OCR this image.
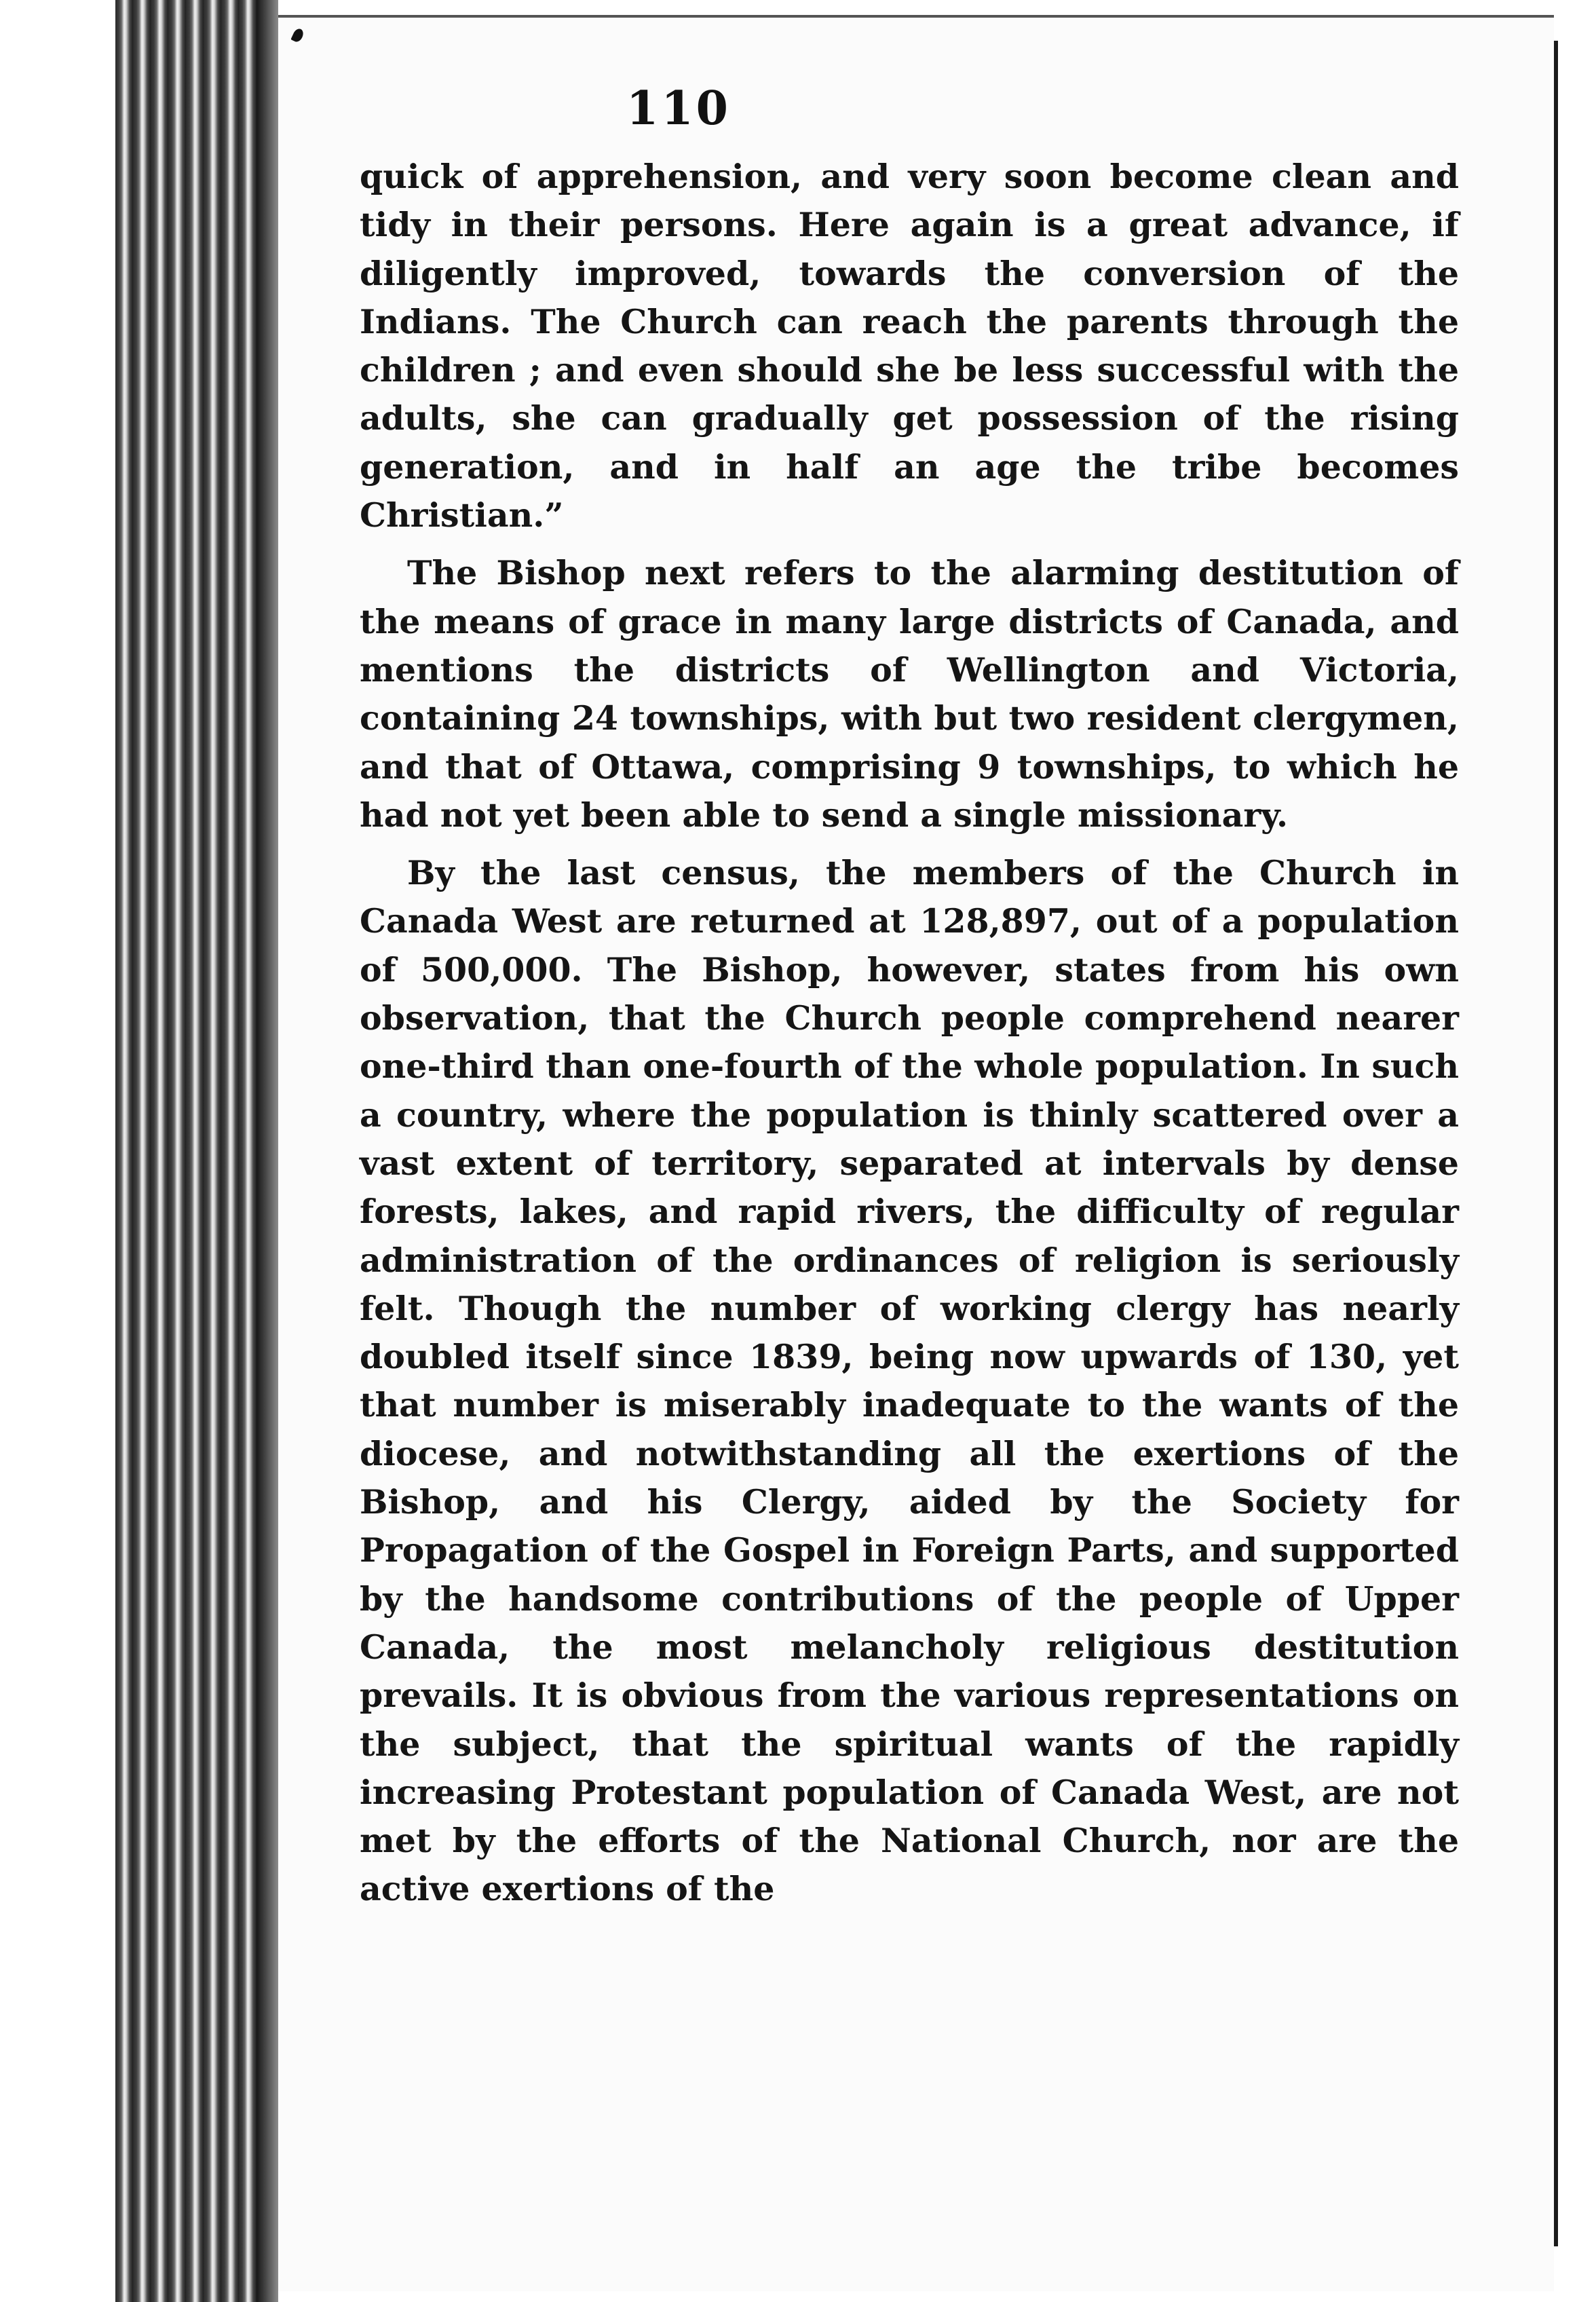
110

quick of apprehension, and very soon become clean and tidy in their persons. Here again is a great advance, if diligently improved, towards the conversion of the Indians. The Church can reach the parents through the children ; and even should she be less successful with the adults, she can gradually get possession of the rising generation, and in half an age the tribe becomes Christian.”

The Bishop next refers to the alarming destitution of the means of grace in many large districts of Canada, and mentions the districts of Wellington and Victoria, containing 24 townships, with but two resident clergymen, and that of Ottawa, comprising 9 townships, to which he had not yet been able to send a single missionary.

By the last census, the members of the Church in Canada West are returned at 128,897, out of a population of 500,000. The Bishop, however, states from his own observation, that the Church people comprehend nearer one-third than one-fourth of the whole population. In such a country, where the population is thinly scattered over a vast extent of territory, separated at intervals by dense forests, lakes, and rapid rivers, the difficulty of regular administration of the ordinances of religion is seriously felt. Though the number of working clergy has nearly doubled itself since 1839, being now upwards of 130, yet that number is miserably inadequate to the wants of the diocese, and notwithstanding all the exertions of the Bishop, and his Clergy, aided by the Society for Propagation of the Gospel in Foreign Parts, and supported by the handsome contributions of the people of Upper Canada, the most melancholy religious destitution prevails. It is obvious from the various representations on the subject, that the spiritual wants of the rapidly increasing Protestant population of Canada West, are not met by the efforts of the National Church, nor are the active exertions of the
